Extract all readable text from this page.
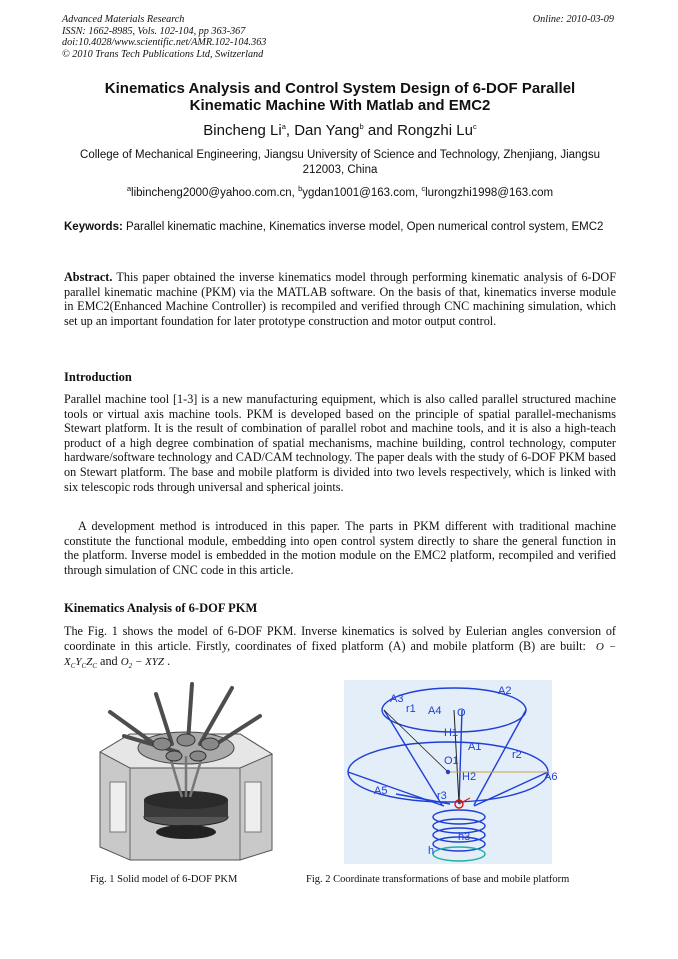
Advanced Materials Research
ISSN: 1662-8985, Vols. 102-104, pp 363-367
doi:10.4028/www.scientific.net/AMR.102-104.363
© 2010 Trans Tech Publications Ltd, Switzerland
Online: 2010-03-09
Kinematics Analysis and Control System Design of 6-DOF Parallel
Kinematic Machine With Matlab and EMC2
Bincheng Li$^a$, Dan Yang$^b$ and Rongzhi Lu$^c$
College of Mechanical Engineering, Jiangsu University of Science and Technology, Zhenjiang, Jiangsu 212003, China
$^a$libincheng2000@yahoo.com.cn, $^b$ygdan1001@163.com, $^c$lurongzhi1998@163.com
Keywords: Parallel kinematic machine, Kinematics inverse model, Open numerical control system, EMC2
Abstract. This paper obtained the inverse kinematics model through performing kinematic analysis of 6-DOF parallel kinematic machine (PKM) via the MATLAB software. On the basis of that, kinematics inverse module in EMC2(Enhanced Machine Controller) is recompiled and verified through CNC machining simulation, which set up an important foundation for later prototype construction and motor output control.
Introduction
Parallel machine tool [1-3] is a new manufacturing equipment, which is also called parallel structured machine tools or virtual axis machine tools. PKM is developed based on the principle of spatial parallel-mechanisms Stewart platform. It is the result of combination of parallel robot and machine tools, and it is also a high-teach product of a high degree combination of spatial mechanisms, machine building, control technology, computer hardware/software technology and CAD/CAM technology. The paper deals with the study of 6-DOF PKM based on Stewart platform. The base and mobile platform is divided into two levels respectively, which is linked with six telescopic rods through universal and spherical joints.
A development method is introduced in this paper. The parts in PKM different with traditional machine constitute the functional module, embedding into open control system directly to share the general function in the platform. Inverse model is embedded in the motion module on the EMC2 platform, recompiled and verified through simulation of CNC code in this article.
Kinematics Analysis of 6-DOF PKM
The Fig. 1 shows the model of 6-DOF PKM. Inverse kinematics is solved by Eulerian angles conversion of coordinate in this article. Firstly, coordinates of fixed platform (A) and mobile platform (B) are built: $O - X_CY_CZ_C$ and $O_2$ − XYZ .
A3
A2
A4
A1
A5
A6
r1
r2
r3
H1
H2
h3
O
O1
h
Fig. 1 Solid model of 6-DOF PKM	Fig. 2 Coordinate transformations of base and mobile platform
